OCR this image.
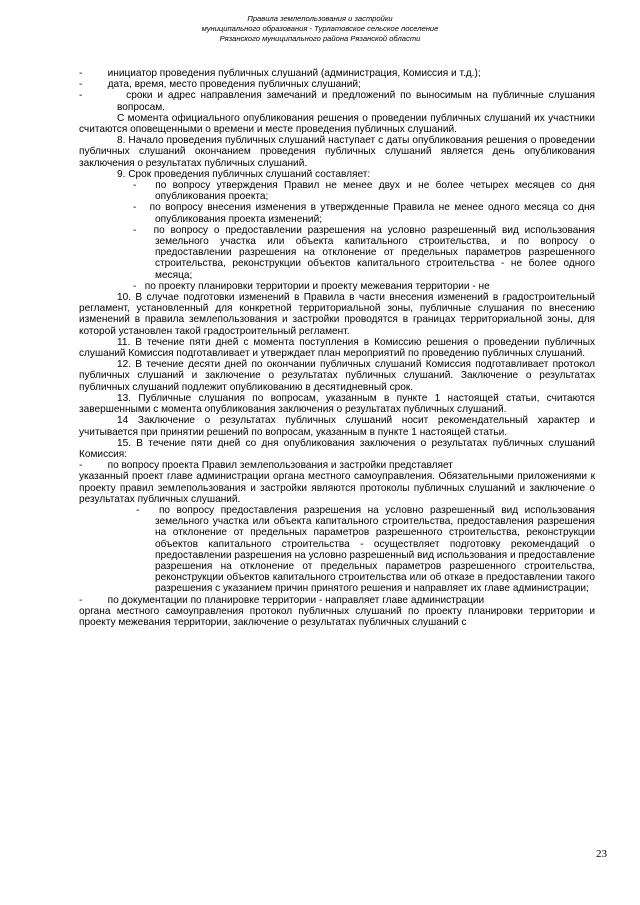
Правила землепользования и застройки
муниципального образования - Турлатовское сельское поселение
Рязанского муниципального района Рязанской области

-         инициатор проведения публичных слушаний (администрация, Комиссия и т.д.);

-         дата, время, место проведения публичных слушаний;

-         сроки и адрес направления замечаний и предложений по выносимым на публичные слушания вопросам.

С момента официального опубликования решения о проведении публичных слушаний их участники считаются оповещенными о времени и месте проведения публичных слушаний.

8. Начало проведения публичных слушаний наступает с даты опубликования решения о проведении публичных слушаний окончанием проведения публичных слушаний является день опубликования заключения о результатах публичных слушаний.

9. Срок проведения публичных слушаний составляет:

-   по вопросу утверждения Правил не менее двух и не более четырех месяцев со дня опубликования проекта;

-   по вопросу внесения изменения в утвержденные Правила не менее одного месяца со дня опубликования проекта изменений;

-   по вопросу о предоставлении разрешения на условно разрешенный вид использования земельного участка или объекта капитального строительства, и по вопросу о предоставлении разрешения на отклонение от предельных параметров разрешенного строительства, реконструкции объектов капитального строительства - не более одного месяца;

-   по проекту планировки территории и проекту межевания территории - не

10. В случае подготовки изменений в Правила в части внесения изменений в градостроительный регламент, установленный для конкретной территориальной зоны, публичные слушания по внесению изменений в правила землепользования и застройки проводятся в границах территориальной зоны, для которой установлен такой градостроительный регламент.

11. В течение пяти дней с момента поступления в Комиссию решения о проведении публичных слушаний Комиссия подготавливает и утверждает план мероприятий по проведению публичных слушаний.

12. В течение десяти дней по окончании публичных слушаний Комиссия подготавливает протокол публичных слушаний и заключение о результатах публичных слушаний. Заключение о результатах публичных слушаний подлежит опубликованию в десятидневный срок.

13. Публичные слушания по вопросам, указанным в пункте 1 настоящей статьи, считаются завершенными с момента опубликования заключения о результатах публичных слушаний.

14 Заключение о результатах публичных слушаний носит рекомендательный характер и учитывается при принятии решений по вопросам, указанным в пункте 1 настоящей статьи.

15. В течение пяти дней со дня опубликования заключения о результатах публичных слушаний Комиссия:

-         по вопросу проекта Правил землепользования и застройки представляет

указанный проект главе администрации органа местного самоуправления. Обязательными приложениями к проекту правил землепользования и застройки являются протоколы публичных слушаний и заключение о результатах публичных слушаний.

-   по вопросу предоставления разрешения на условно разрешенный вид использования земельного участка или объекта капитального строительства, предоставления разрешения на отклонение от предельных параметров разрешенного строительства, реконструкции объектов капитального строительства - осуществляет подготовку рекомендаций о предоставлении разрешения на условно разрешенный вид использования и предоставление разрешения на отклонение от предельных параметров разрешенного строительства, реконструкции объектов капитального строительства или об отказе в предоставлении такого разрешения с указанием причин принятого решения и направляет их главе администрации;

-         по документации по планировке территории - направляет главе администрации

органа местного самоуправления протокол публичных слушаний по проекту планировки территории и проекту межевания территории, заключение о результатах публичных слушаний с

23
